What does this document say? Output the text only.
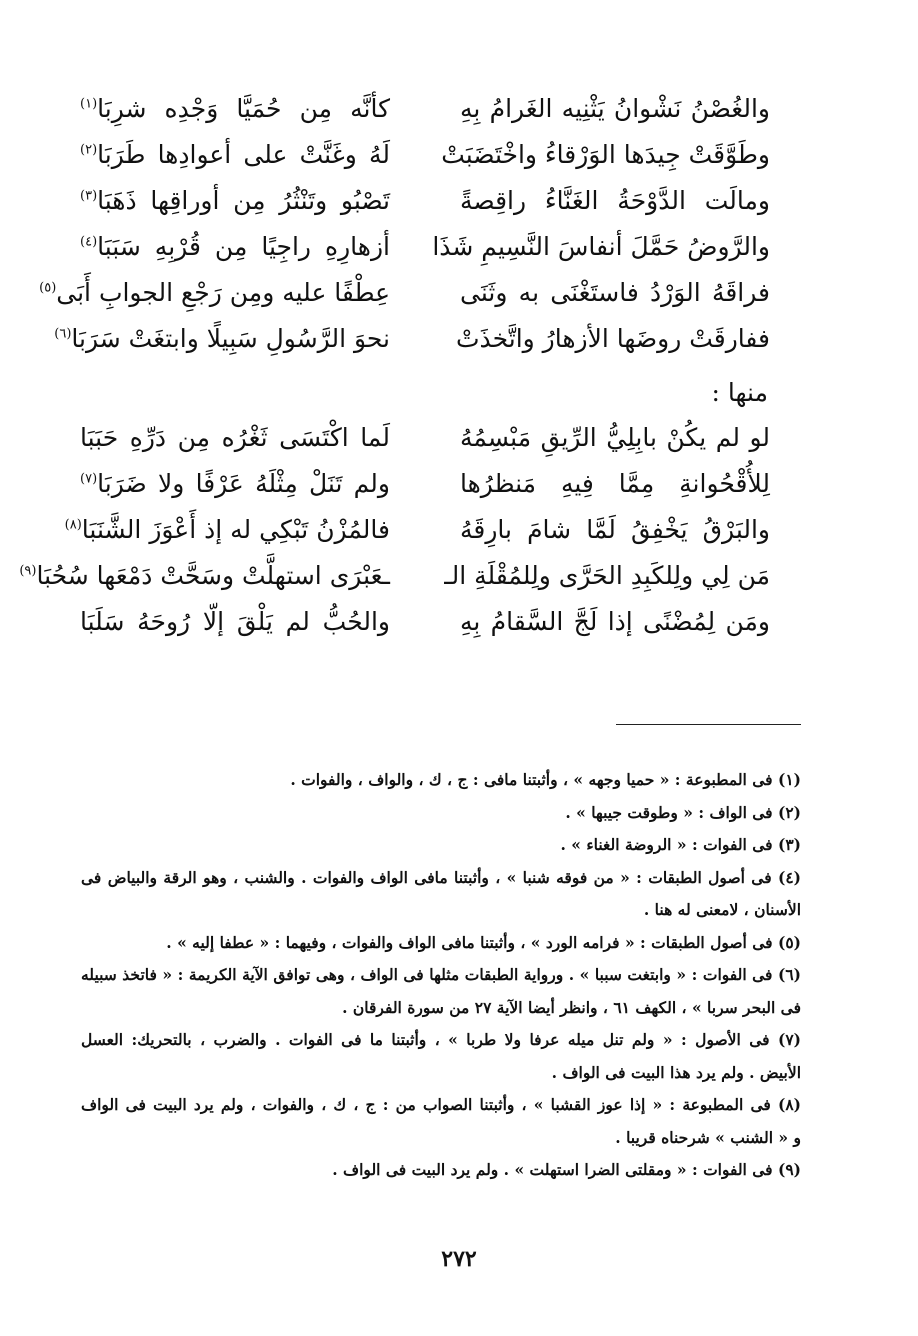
والغُصْنُ نَشْوانُ يَثْنِيه الغَرامُ بِهِ
كأنَّه مِن حُمَيَّا وَجْدِه شرِبَا$^{(١)}$
وطَوَّقَتْ جِيدَها الوَرْقاءُ واخْتَضَبَتْ
لَهُ وغَنَّتْ على أعوادِها طَرَبَا$^{(٢)}$
ومالَت الدَّوْحَةُ الغَنَّاءُ راقِصةً
تَصْبُو وتَنْثُرُ مِن أوراقِها ذَهَبَا$^{(٣)}$
والرَّوضُ حَمَّلَ أنفاسَ النَّسِيمِ شَذَا
أزهارِهِ راجِيًا مِن قُرْبِهِ سَبَبَا$^{(٤)}$
فراقَهُ الوَرْدُ فاستَغْنَى به وثَنَى
عِطْفًا عليه ومِن رَجْعِ الجوابِ أَبَى$^{(٥)}$
ففارقَتْ روضَها الأزهارُ واتَّخذَتْ
نحوَ الرَّسُولِ سَبِيلًا وابتغَتْ سَرَبَا$^{(٦)}$
منها :
لو لم يكُنْ بابِلِيُّ الرِّيقِ مَبْسِمُهُ
لَما اكْتَسَى ثَغْرُه مِن دَرِّهِ حَبَبَا
لِلأُقْحُوانةِ مِمَّا فِيهِ مَنظرُها
ولم تَنَلْ مِثْلَهُ عَرْفًا ولا ضَرَبَا$^{(٧)}$
والبَرْقُ يَخْفِقُ لَمَّا شامَ بارِقَهُ
فالمُزْنُ تَبْكِي له إذ أَعْوَزَ الشَّنَبَا$^{(٨)}$
مَن لِي ولِلكَبِدِ الحَرَّى ولِلمُقْلَةِ الـ
ـعَبْرَى استهلَّتْ وسَحَّتْ دَمْعَها سُحُبَا$^{(٩)}$
ومَن لِمُضْنًى إذا لَجَّ السَّقامُ بِهِ
والحُبُّ لم يَلْقَ إلّا رُوحَهُ سَلَبَا
(١) فى المطبوعة : « حميا وجهه » ، وأثبتنا مافى : ج ، ك ، والواف ، والفوات .
(٢) فى الواف : « وطوقت جيبها » .
(٣) فى الفوات : « الروضة الغناء » .
(٤) فى أصول الطبقات : « من فوقه شنبا » ، وأثبتنا مافى الواف والفوات . والشنب ، وهو الرقة والبياض فى
الأسنان ، لامعنى له هنا .
(٥) فى أصول الطبقات : « فرامه الورد » ، وأثبتنا مافى الواف والفوات ، وفيهما : « عطفا إليه » .
(٦) فى الفوات : « وابتغت سببا » . ورواية الطبقات مثلها فى الواف ، وهى توافق الآية الكريمة : « فاتخذ سبيله
فى البحر سربا » ، الكهف ٦١ ، وانظر أيضا الآية ٢٧ من سورة الفرقان .
(٧) فى الأصول : « ولم تنل ميله عرفا ولا طربا » ، وأثبتنا ما فى الفوات . والضرب ، بالتحريك: العسل
الأبيض . ولم يرد هذا البيت فى الواف .
(٨) فى المطبوعة : « إذا عوز القشبا » ، وأثبتنا الصواب من : ج ، ك ، والفوات ، ولم يرد البيت فى الواف
و « الشنب » شرحناه قريبا .
(٩) فى الفوات : « ومقلتى الضرا استهلت » . ولم يرد البيت فى الواف .
٢٧٢
